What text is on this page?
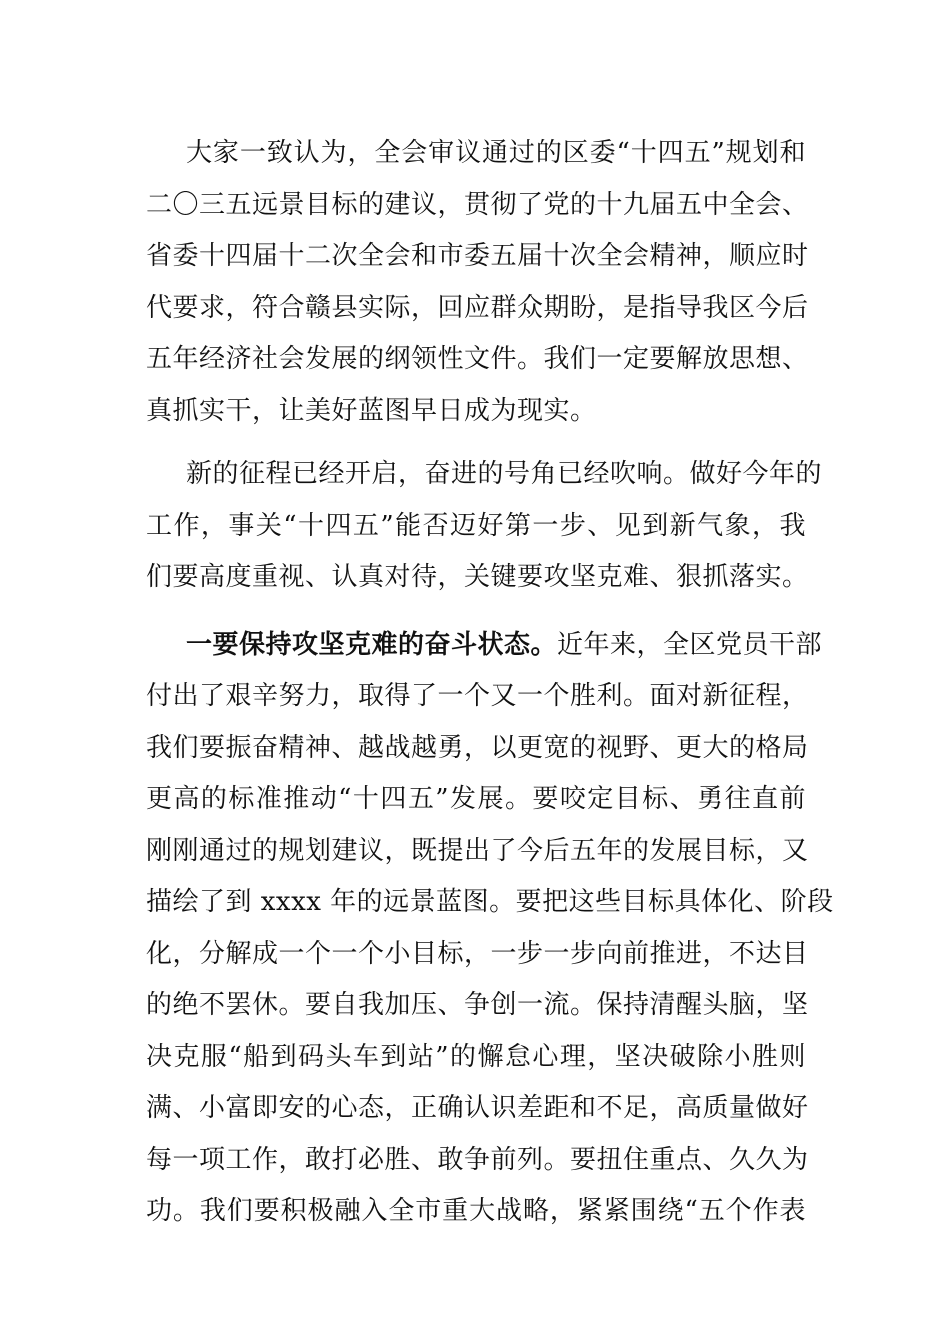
大家一致认为，全会审议通过的区委“十四五”规划和
二〇三五远景目标的建议，贯彻了党的十九届五中全会、
省委十四届十二次全会和市委五届十次全会精神，顺应时
代要求，符合赣县实际，回应群众期盼，是指导我区今后
五年经济社会发展的纲领性文件。我们一定要解放思想、
真抓实干，让美好蓝图早日成为现实。
新的征程已经开启，奋进的号角已经吹响。做好今年的
工作，事关“十四五”能否迈好第一步、见到新气象，我
们要高度重视、认真对待，关键要攻坚克难、狠抓落实。
一要保持攻坚克难的奋斗状态。近年来，全区党员干部
付出了艰辛努力，取得了一个又一个胜利。面对新征程，
我们要振奋精神、越战越勇，以更宽的视野、更大的格局
更高的标准推动“十四五”发展。要咬定目标、勇往直前
刚刚通过的规划建议，既提出了今后五年的发展目标，又
描绘了到 xxxx 年的远景蓝图。要把这些目标具体化、阶段
化，分解成一个一个小目标，一步一步向前推进，不达目
的绝不罢休。要自我加压、争创一流。保持清醒头脑，坚
决克服“船到码头车到站”的懈怠心理，坚决破除小胜则
满、小富即安的心态，正确认识差距和不足，高质量做好
每一项工作，敢打必胜、敢争前列。要扭住重点、久久为
功。我们要积极融入全市重大战略，紧紧围绕“五个作表
